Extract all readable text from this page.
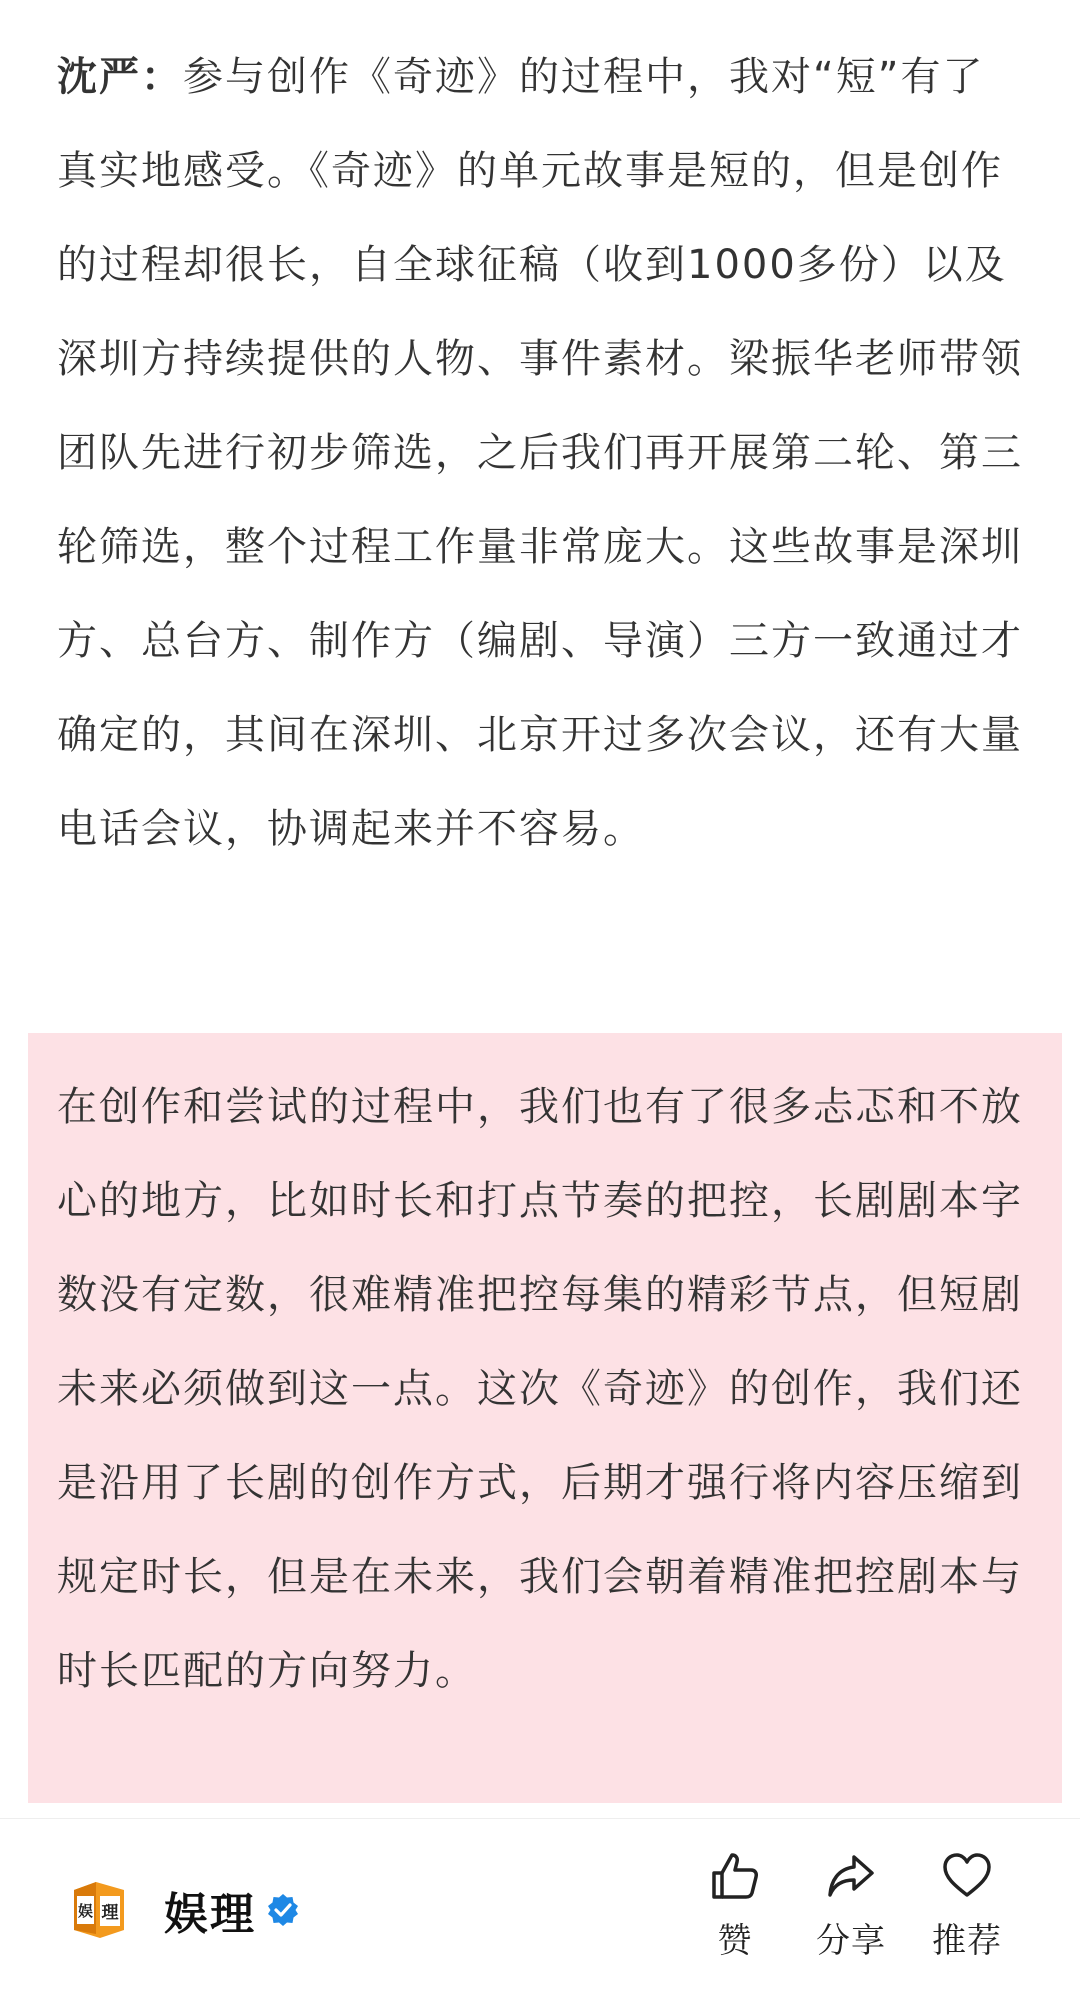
沈严：参与创作《奇迹》的过程中，我对“短”有了真实地感受。《奇迹》的单元故事是短的，但是创作的过程却很长，自全球征稿（收到1000多份）以及深圳方持续提供的人物、事件素材。梁振华老师带领团队先进行初步筛选，之后我们再开展第二轮、第三轮筛选，整个过程工作量非常庞大。这些故事是深圳方、总台方、制作方（编剧、导演）三方一致通过才确定的，其间在深圳、北京开过多次会议，还有大量电话会议，协调起来并不容易。

在创作和尝试的过程中，我们也有了很多忐忑和不放心的地方，比如时长和打点节奏的把控，长剧剧本字数没有定数，很难精准把控每集的精彩节点，但短剧未来必须做到这一点。这次《奇迹》的创作，我们还是沿用了长剧的创作方式，后期才强行将内容压缩到规定时长，但是在未来，我们会朝着精准把控剧本与时长匹配的方向努力。

娱 理 娱理
赞	分享	推荐
